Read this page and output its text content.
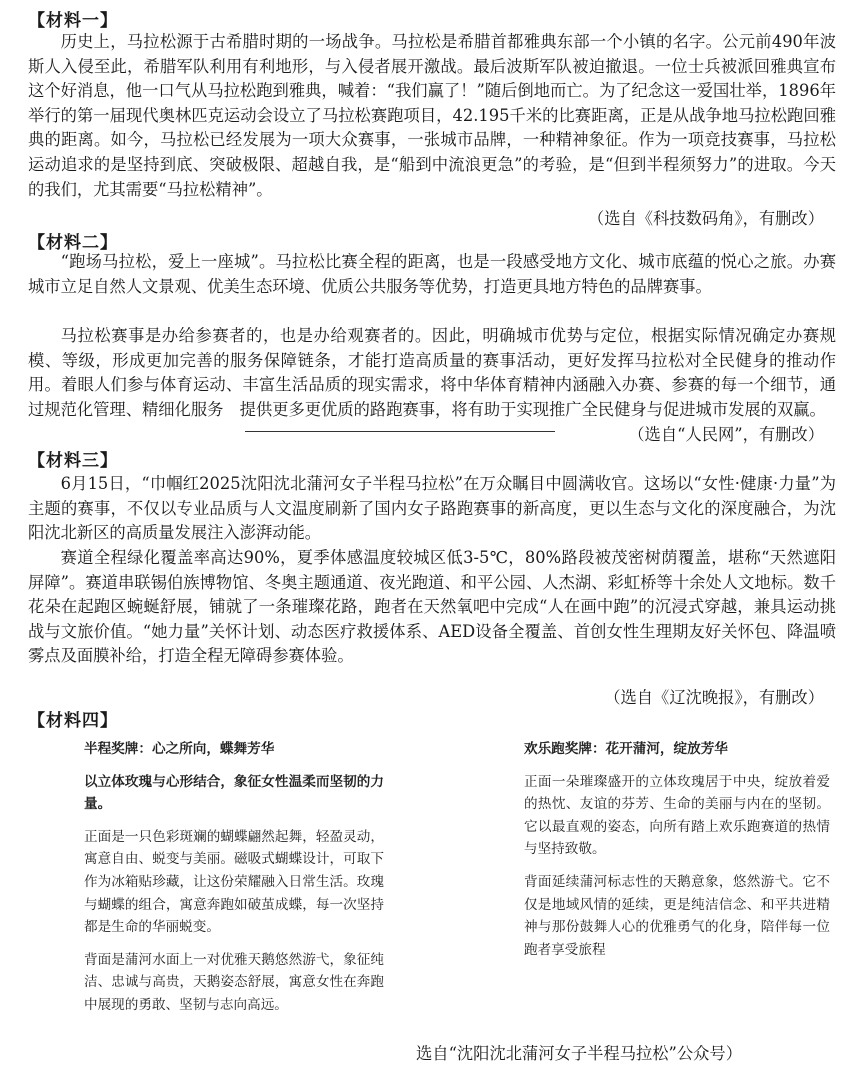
【材料一】

历史上，马拉松源于古希腊时期的一场战争。马拉松是希腊首都雅典东部一个小镇的名字。公元前490年波斯人入侵至此，希腊军队利用有利地形，与入侵者展开激战。最后波斯军队被迫撤退。一位士兵被派回雅典宣布这个好消息，他一口气从马拉松跑到雅典，喊着：“我们赢了！”随后倒地而亡。为了纪念这一爱国壮举，1896年举行的第一届现代奥林匹克运动会设立了马拉松赛跑项目，42.195千米的比赛距离，正是从战争地马拉松跑回雅典的距离。如今，马拉松已经发展为一项大众赛事，一张城市品牌，一种精神象征。作为一项竞技赛事，马拉松运动追求的是坚持到底、突破极限、超越自我，是“船到中流浪更急”的考验，是“但到半程须努力”的进取。今天的我们，尤其需要“马拉松精神”。

（选自《科技数码角》，有删改）
【材料二】

“跑场马拉松，爱上一座城”。马拉松比赛全程的距离，也是一段感受地方文化、城市底蕴的悦心之旅。办赛城市立足自然人文景观、优美生态环境、优质公共服务等优势，打造更具地方特色的品牌赛事。

马拉松赛事是办给参赛者的，也是办给观赛者的。因此，明确城市优势与定位，根据实际情况确定办赛规模、等级，形成更加完善的服务保障链条，才能打造高质量的赛事活动，更好发挥马拉松对全民健身的推动作用。着眼人们参与体育运动、丰富生活品质的现实需求，将中华体育精神内涵融入办赛、参赛的每一个细节，通过规范化管理、精细化服务　提供更多更优质的路跑赛事，将有助于实现推广全民健身与促进城市发展的双赢。

（选自“人民网”，有删改）
【材料三】

6月15日，“巾帼红2025沈阳沈北蒲河女子半程马拉松”在万众瞩目中圆满收官。这场以“女性·健康·力量”为主题的赛事，不仅以专业品质与人文温度刷新了国内女子路跑赛事的新高度，更以生态与文化的深度融合，为沈阳沈北新区的高质量发展注入澎湃动能。

赛道全程绿化覆盖率高达90%，夏季体感温度较城区低3-5℃，80%路段被茂密树荫覆盖，堪称“天然遮阳屏障”。赛道串联锡伯族博物馆、冬奥主题通道、夜光跑道、和平公园、人杰湖、彩虹桥等十余处人文地标。数千花朵在起跑区蜿蜒舒展，铺就了一条璀璨花路，跑者在天然氧吧中完成“人在画中跑”的沉浸式穿越，兼具运动挑战与文旅价值。“她力量”关怀计划、动态医疗救援体系、AED设备全覆盖、首创女性生理期友好关怀包、降温喷雾点及面膜补给，打造全程无障碍参赛体验。

（选自《辽沈晚报》，有删改）
【材料四】
半程奖牌：心之所向，蝶舞芳华

以立体玫瑰与心形结合，象征女性温柔而坚韧的力量。

正面是一只色彩斑斓的蝴蝶翩然起舞，轻盈灵动，寓意自由、蜕变与美丽。磁吸式蝴蝶设计，可取下作为冰箱贴珍藏，让这份荣耀融入日常生活。玫瑰与蝴蝶的组合，寓意奔跑如破茧成蝶，每一次坚持都是生命的华丽蜕变。

背面是蒲河水面上一对优雅天鹅悠然游弋，象征纯洁、忠诚与高贵，天鹅姿态舒展，寓意女性在奔跑中展现的勇敢、坚韧与志向高远。

欢乐跑奖牌：花开蒲河，绽放芳华

正面一朵璀璨盛开的立体玫瑰居于中央，绽放着爱的热忱、友谊的芬芳、生命的美丽与内在的坚韧。它以最直观的姿态，向所有踏上欢乐跑赛道的热情与坚持致敬。

背面延续蒲河标志性的天鹅意象，悠然游弋。它不仅是地域风情的延续，更是纯洁信念、和平共进精神与那份鼓舞人心的优雅勇气的化身，陪伴每一位跑者享受旅程

选自“沈阳沈北蒲河女子半程马拉松”公众号）
